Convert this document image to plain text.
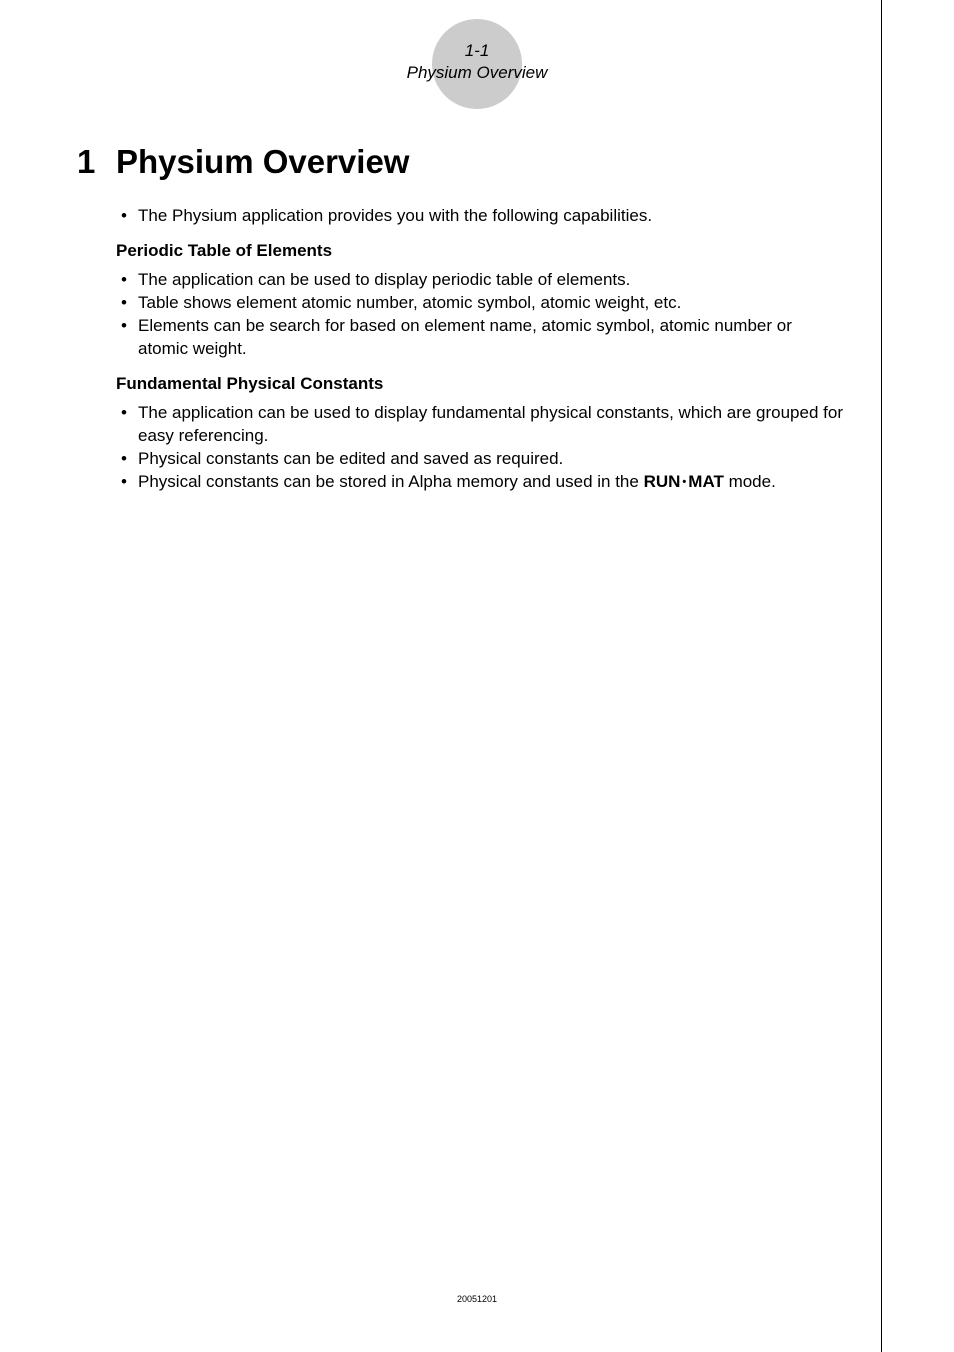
1-1
Physium Overview
1 Physium Overview
• The Physium application provides you with the following capabilities.
Periodic Table of Elements
• The application can be used to display periodic table of elements.
• Table shows element atomic number, atomic symbol, atomic weight, etc.
• Elements can be search for based on element name, atomic symbol, atomic number or atomic weight.
Fundamental Physical Constants
• The application can be used to display fundamental physical constants, which are grouped for easy referencing.
• Physical constants can be edited and saved as required.
• Physical constants can be stored in Alpha memory and used in the RUN • MAT mode.
20051201
